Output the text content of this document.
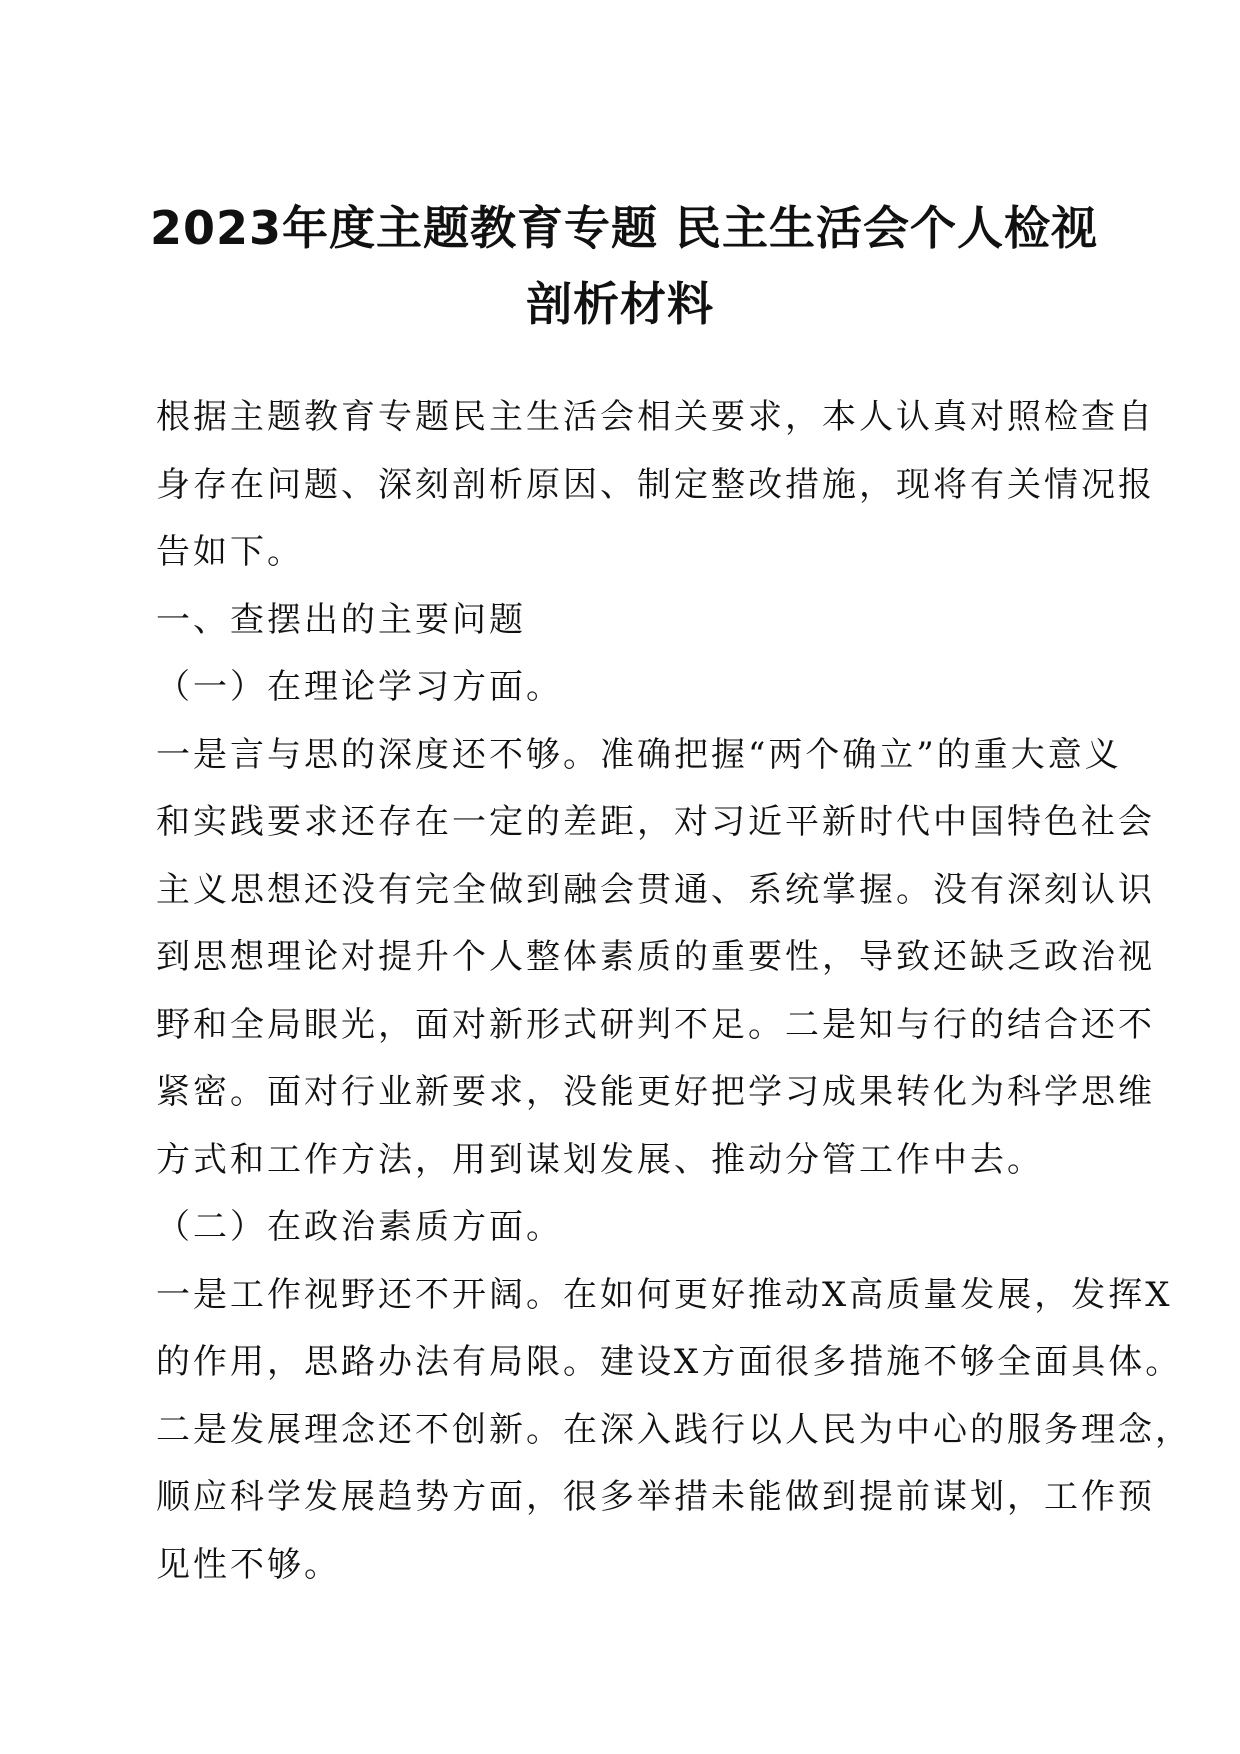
2023年度主题教育专题 民主生活会个人检视
剖析材料
根据主题教育专题民主生活会相关要求，本人认真对照检查自
身存在问题、深刻剖析原因、制定整改措施，现将有关情况报
告如下。
一、查摆出的主要问题
（一）在理论学习方面。
一是言与思的深度还不够。准确把握“两个确立”的重大意义
和实践要求还存在一定的差距，对习近平新时代中国特色社会
主义思想还没有完全做到融会贯通、系统掌握。没有深刻认识
到思想理论对提升个人整体素质的重要性，导致还缺乏政治视
野和全局眼光，面对新形式研判不足。二是知与行的结合还不
紧密。面对行业新要求，没能更好把学习成果转化为科学思维
方式和工作方法，用到谋划发展、推动分管工作中去。
（二）在政治素质方面。
一是工作视野还不开阔。在如何更好推动X高质量发展，发挥X
的作用，思路办法有局限。建设X方面很多措施不够全面具体。
二是发展理念还不创新。在深入践行以人民为中心的服务理念，
顺应科学发展趋势方面，很多举措未能做到提前谋划，工作预
见性不够。
